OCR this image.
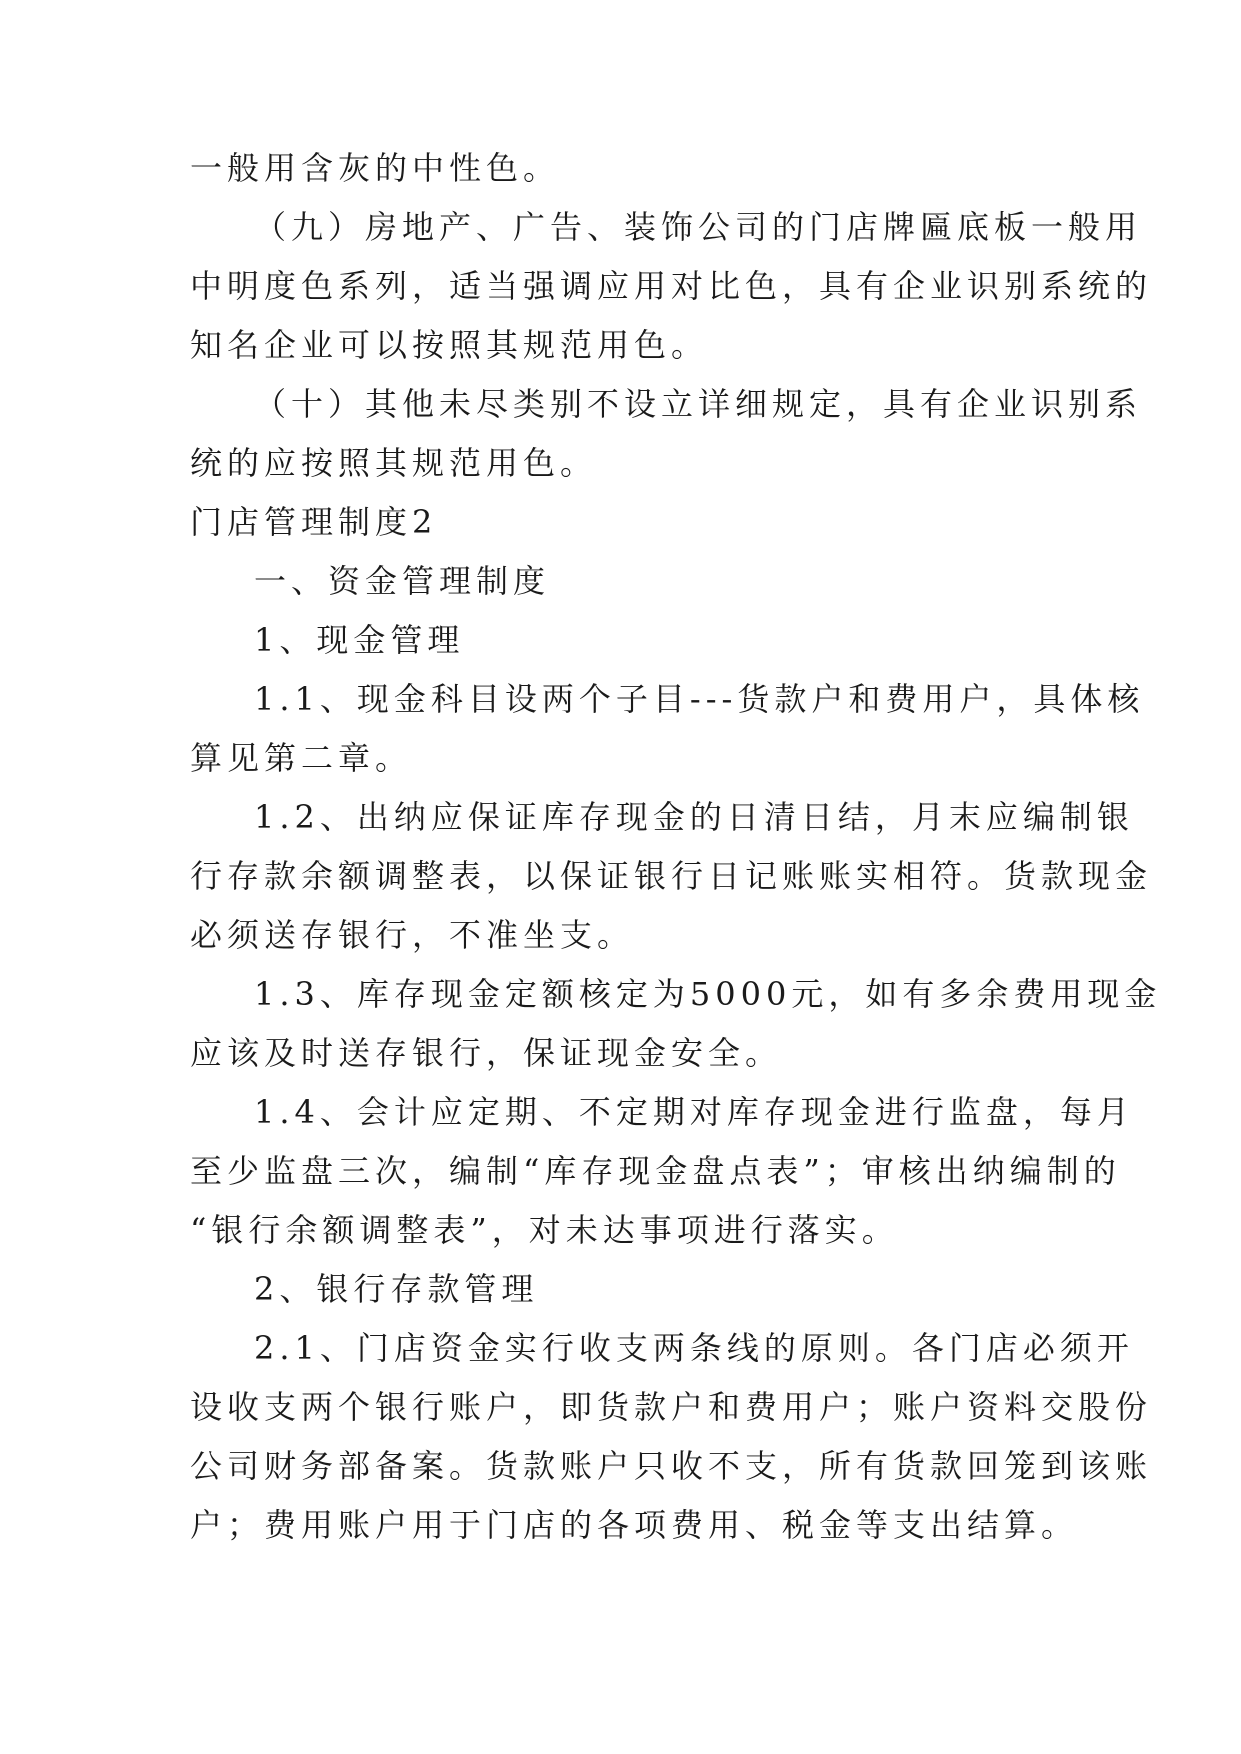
一般用含灰的中性色。
（九）房地产、广告、装饰公司的门店牌匾底板一般用
中明度色系列，适当强调应用对比色，具有企业识别系统的
知名企业可以按照其规范用色。
（十）其他未尽类别不设立详细规定，具有企业识别系
统的应按照其规范用色。
门店管理制度2
一、资金管理制度
1、现金管理
1.1、现金科目设两个子目---货款户和费用户，具体核
算见第二章。
1.2、出纳应保证库存现金的日清日结，月末应编制银
行存款余额调整表，以保证银行日记账账实相符。货款现金
必须送存银行，不准坐支。
1.3、库存现金定额核定为5000元，如有多余费用现金
应该及时送存银行，保证现金安全。
1.4、会计应定期、不定期对库存现金进行监盘，每月
至少监盘三次，编制“库存现金盘点表”；审核出纳编制的
“银行余额调整表”，对未达事项进行落实。
2、银行存款管理
2.1、门店资金实行收支两条线的原则。各门店必须开
设收支两个银行账户，即货款户和费用户；账户资料交股份
公司财务部备案。货款账户只收不支，所有货款回笼到该账
户；费用账户用于门店的各项费用、税金等支出结算。
